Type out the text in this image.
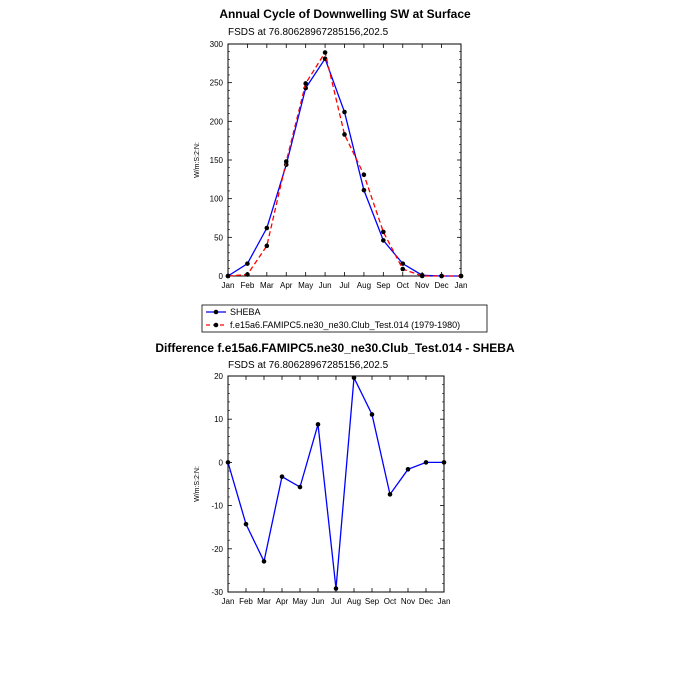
Annual Cycle of Downwelling SW at Surface
FSDS at 76.80628967285156,202.5
W/m:S:2:N:
Jan Feb Mar Apr May Jun Jul Aug Sep Oct Nov Dec Jan
0
50
100
150
200
250
300
SHEBA
f.e15a6.FAMIPC5.ne30_ne30.Club_Test.014 (1979-1980)
Difference f.e15a6.FAMIPC5.ne30_ne30.Club_Test.014 - SHEBA
FSDS at 76.80628967285156,202.5
W/m:S:2:N:
Jan Feb Mar Apr May Jun Jul Aug Sep Oct Nov Dec Jan
-30
-20
-10
0
10
20
